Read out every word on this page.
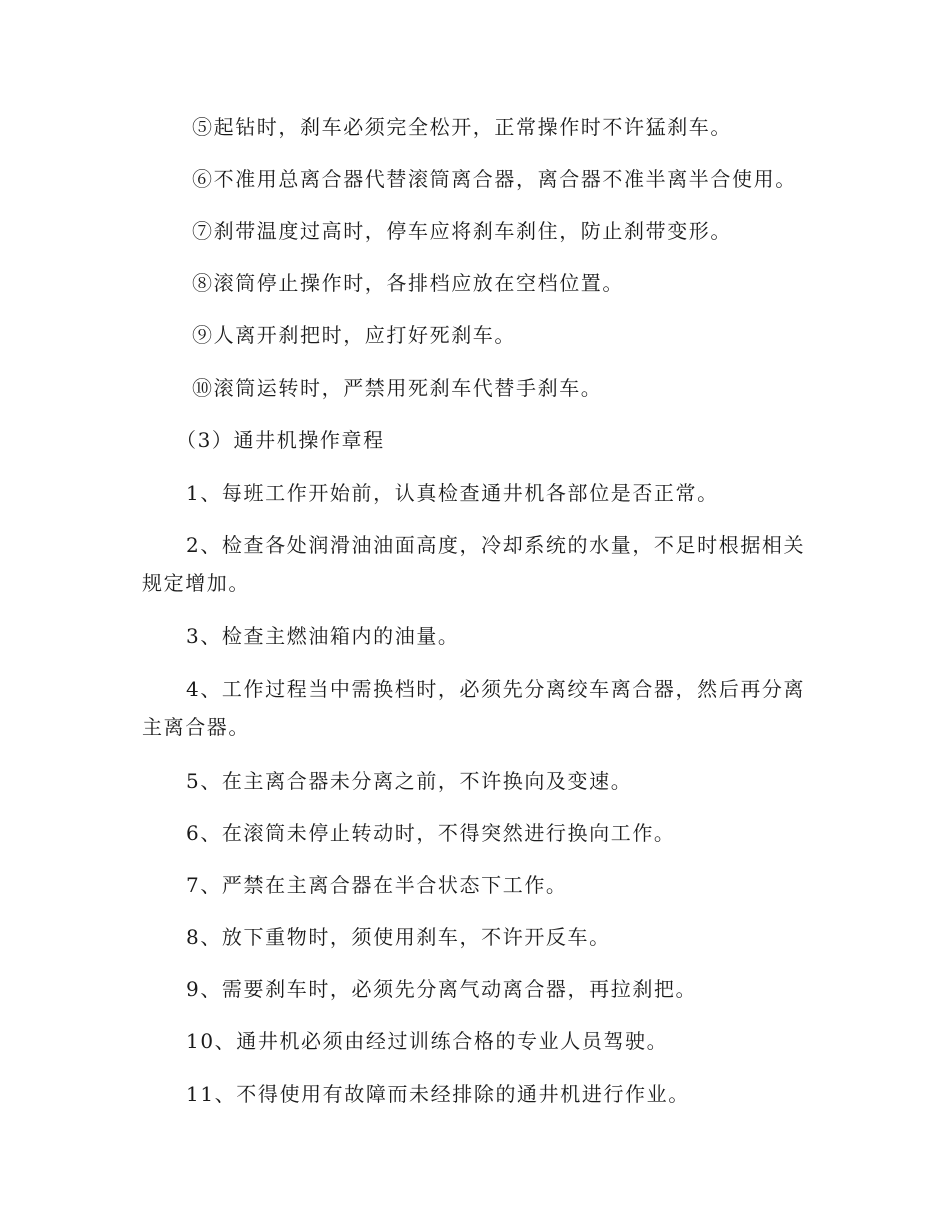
⑤起钻时，刹车必须完全松开，正常操作时不许猛刹车。

⑥不准用总离合器代替滚筒离合器，离合器不准半离半合使用。

⑦刹带温度过高时，停车应将刹车刹住，防止刹带变形。

⑧滚筒停止操作时，各排档应放在空档位置。

⑨人离开刹把时，应打好死刹车。

⑩滚筒运转时，严禁用死刹车代替手刹车。

（3）通井机操作章程

1、每班工作开始前，认真检查通井机各部位是否正常。

2、检查各处润滑油油面高度，冷却系统的水量，不足时根据相关规定增加。

3、检查主燃油箱内的油量。

4、工作过程当中需换档时，必须先分离绞车离合器，然后再分离主离合器。

5、在主离合器未分离之前，不许换向及变速。

6、在滚筒未停止转动时，不得突然进行换向工作。

7、严禁在主离合器在半合状态下工作。

8、放下重物时，须使用刹车，不许开反车。

9、需要刹车时，必须先分离气动离合器，再拉刹把。

10、通井机必须由经过训练合格的专业人员驾驶。

11、不得使用有故障而未经排除的通井机进行作业。
